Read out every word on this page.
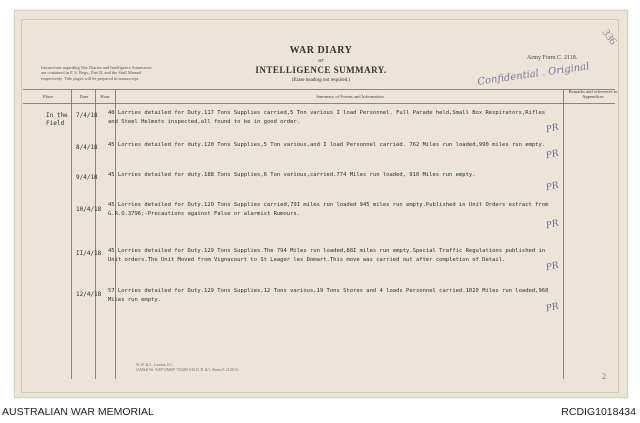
Instructions regarding War Diaries and Intelligence Summaries are contained in F. S. Regs., Part II. and the Staff Manual respectively. Title pages will be prepared in manuscript.
WAR DIARY
or
INTELLIGENCE SUMMARY.
(Erase heading not required.)
Army Form C. 2118.
336
Confidential . Original
Place	Date	Hour	Summary of Events and Information
Remarks and references to Appendices
In the Field
7/4/18 40 Lorries detailed for Duty.117 Tons Supplies carried,5 Ton various I load Personnel. Full Parade held,Small Box Respirators,Rifles and Steel Helmets inspected,all found to be in good order.
PR
8/4/18 45 Lorries detailed for duty.120 Tons Supplies,5 Ton various,and I load Personnel carried. 762 Miles run loaded,990 miles run empty.
PR
9/4/18 45 Lorries detailed for duty.188 Tons Supplies,6 Ton various,carried.774 Miles run loaded, 910 Miles run empty.
PR
10/4/18
45 Lorries detailed for Duty.120 Tons Supplies carried,79I miles run loaded 945 miles run empty.Published in Unit Orders extract from G.R.O.3796;-Precautions against False or alarmist Rumours.
PR
II/4/18 45 Lorries detailed for Duty.129 Tons Supplies.The 794 Miles run loaded,88I miles run empty.Special Traffic Regulations published in Unit orders.The Unit Moved from Vignacourt to St Leager les Domart.This move was carried out after completion of Detail.
PR
12/4/18 57 Lorries detailed for Duty.129 Tons Supplies,12 Tons various,19 Tons Stores and 4 loads Personnel carried.1020 Miles run loaded,960 Miles run empty.
PR
W. W. & L., London, E.C.
(A5834) Wt. W4973/M687 750,000 8/16 D. D. & L. Forms/C.2118/13.
2
AUSTRALIAN WAR MEMORIAL	RCDIG1018434
